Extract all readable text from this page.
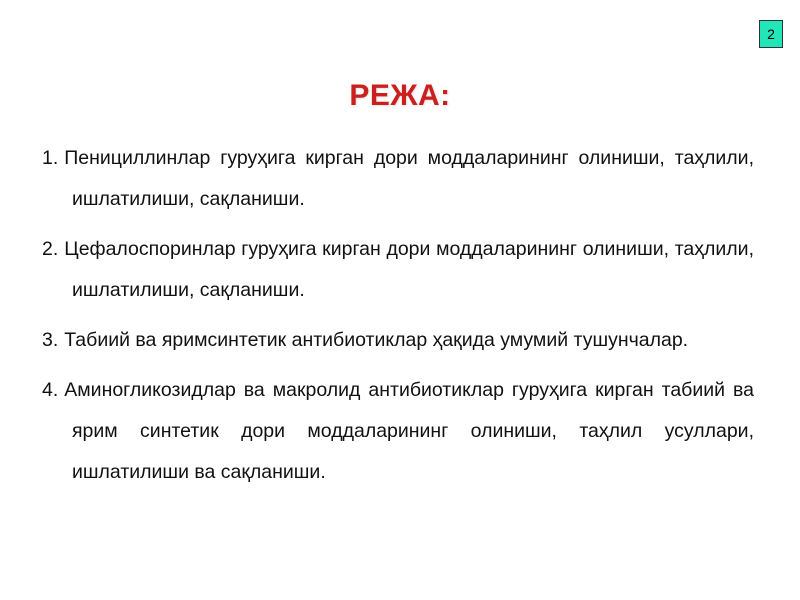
2
РЕЖА:
1. Пенициллинлар гуруҳига кирган дори моддаларининг олиниши, таҳлили, ишлатилиши, сақланиши.
2. Цефалоспоринлар гуруҳига кирган дори моддаларининг олиниши, таҳлили, ишлатилиши, сақланиши.
3. Табиий ва яримсинтетик антибиотиклар ҳақида умумий тушунчалар.
4. Аминогликозидлар ва макролид антибиотиклар гуруҳига кирган табиий ва ярим синтетик дори моддаларининг олиниши, таҳлил усуллари, ишлатилиши ва сақланиши.
